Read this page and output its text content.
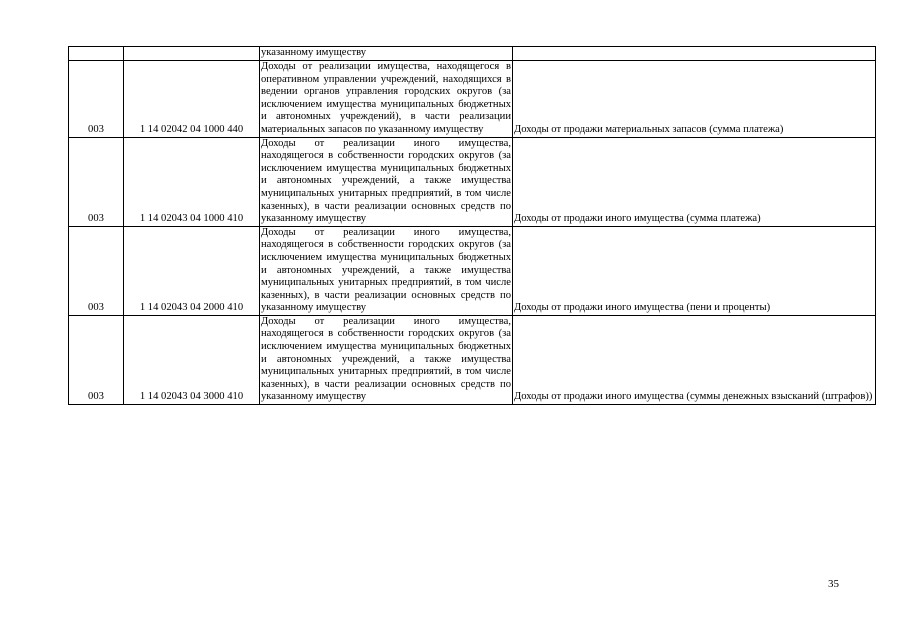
		указанному имуществу	
003	1 14 02042 04 1000 440	Доходы от реализации имущества, находящегося в оперативном управлении учреждений, находящихся в ведении органов управления городских округов (за исключением имущества муниципальных бюджетных и автономных учреждений), в части реализации материальных запасов по указанному имуществу	Доходы от продажи материальных запасов (сумма платежа)
003	1 14 02043 04 1000 410	Доходы от реализации иного имущества, находящегося в собственности городских округов (за исключением имущества муниципальных бюджетных и автономных учреждений, а также имущества муниципальных унитарных предприятий, в том числе казенных), в части реализации основных средств по указанному имуществу	Доходы от продажи иного имущества (сумма платежа)
003	1 14 02043 04 2000 410	Доходы от реализации иного имущества, находящегося в собственности городских округов (за исключением имущества муниципальных бюджетных и автономных учреждений, а также имущества муниципальных унитарных предприятий, в том числе казенных), в части реализации основных средств по указанному имуществу	Доходы от продажи иного имущества (пени и проценты)
003	1 14 02043 04 3000 410	Доходы от реализации иного имущества, находящегося в собственности городских округов (за исключением имущества муниципальных бюджетных и автономных учреждений, а также имущества муниципальных унитарных предприятий, в том числе казенных), в части реализации основных средств по указанному имуществу	Доходы от продажи иного имущества (суммы денежных взысканий (штрафов))
35
